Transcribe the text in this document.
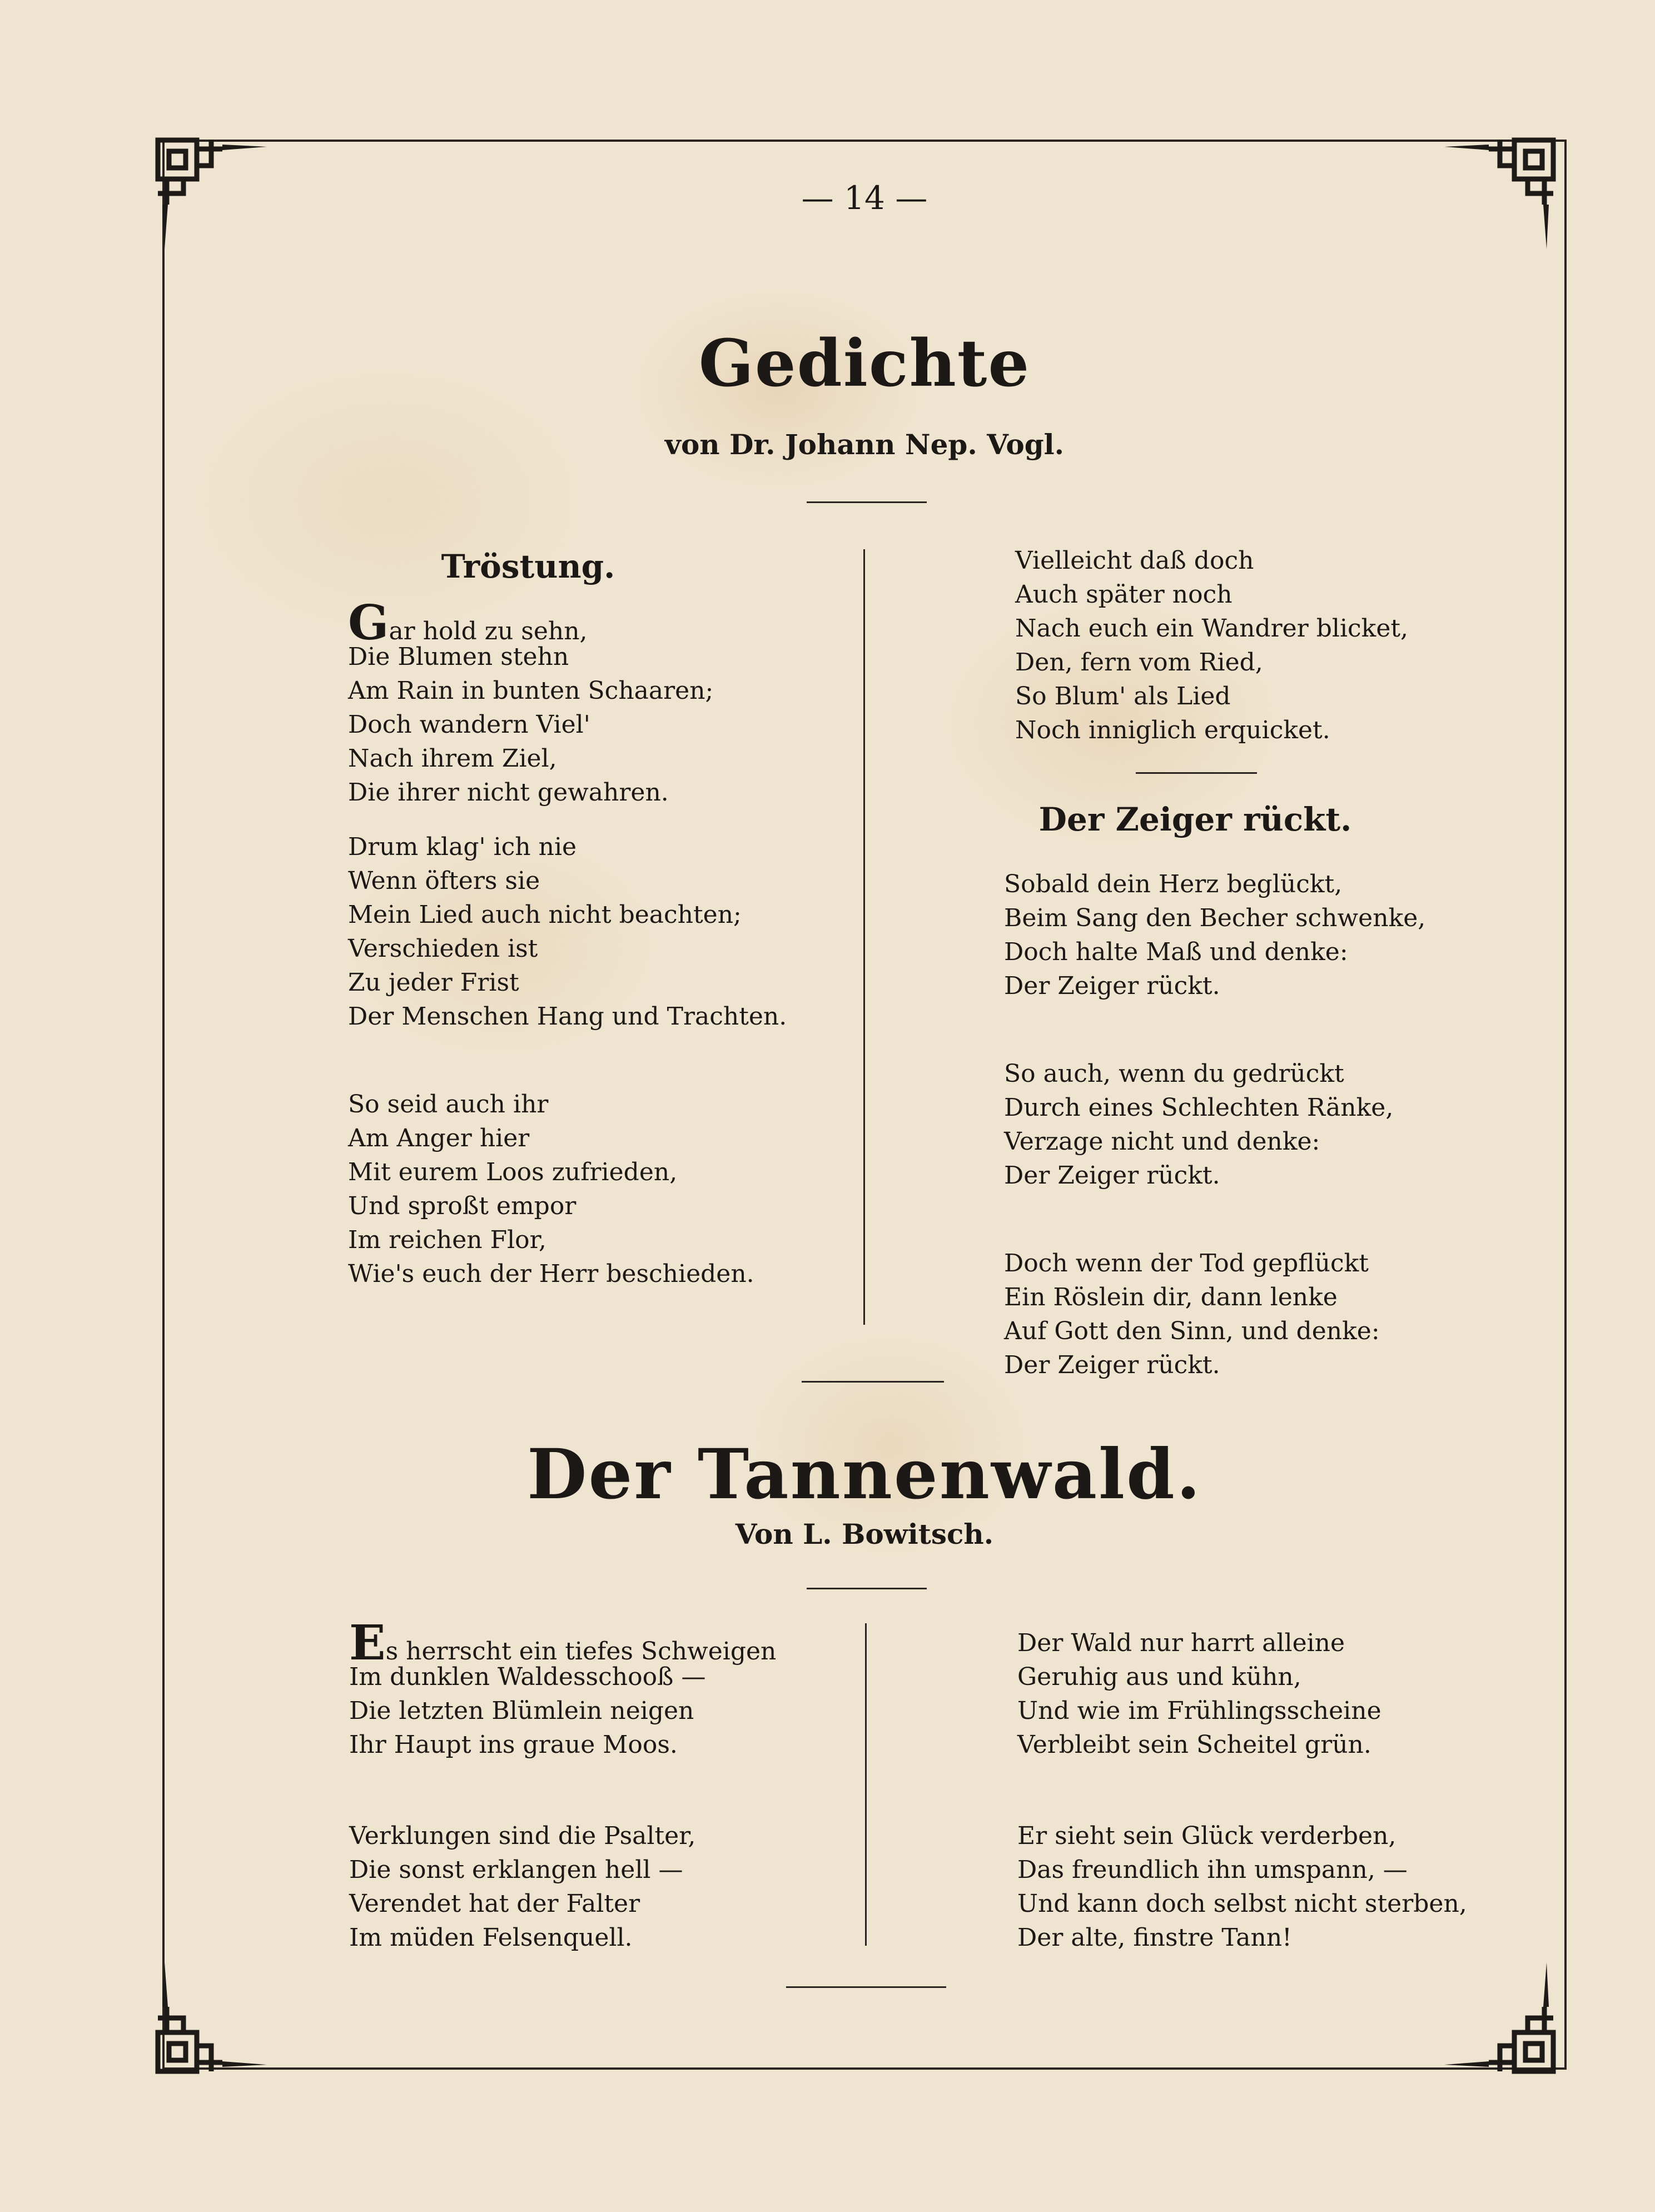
— 14 —
Gedichte
von Dr. Johann Nep. Vogl.
Tröstung.
Gar hold zu sehn,
Die Blumen stehn
Am Rain in bunten Schaaren;
Doch wandern Viel'
Nach ihrem Ziel,
Die ihrer nicht gewahren.
Drum klag' ich nie
Wenn öfters sie
Mein Lied auch nicht beachten;
Verschieden ist
Zu jeder Frist
Der Menschen Hang und Trachten.
So seid auch ihr
Am Anger hier
Mit eurem Loos zufrieden,
Und sproßt empor
Im reichen Flor,
Wie's euch der Herr beschieden.
Vielleicht daß doch
Auch später noch
Nach euch ein Wandrer blicket,
Den, fern vom Ried,
So Blum' als Lied
Noch inniglich erquicket.
Der Zeiger rückt.
Sobald dein Herz beglückt,
Beim Sang den Becher schwenke,
Doch halte Maß und denke:
Der Zeiger rückt.
So auch, wenn du gedrückt
Durch eines Schlechten Ränke,
Verzage nicht und denke:
Der Zeiger rückt.
Doch wenn der Tod gepflückt
Ein Röslein dir, dann lenke
Auf Gott den Sinn, und denke:
Der Zeiger rückt.
Der Tannenwald.
Von L. Bowitsch.
Es herrscht ein tiefes Schweigen
Im dunklen Waldesschooß —
Die letzten Blümlein neigen
Ihr Haupt ins graue Moos.
Verklungen sind die Psalter,
Die sonst erklangen hell —
Verendet hat der Falter
Im müden Felsenquell.
Der Wald nur harrt alleine
Geruhig aus und kühn,
Und wie im Frühlingsscheine
Verbleibt sein Scheitel grün.
Er sieht sein Glück verderben,
Das freundlich ihn umspann, —
Und kann doch selbst nicht sterben,
Der alte, finstre Tann!
